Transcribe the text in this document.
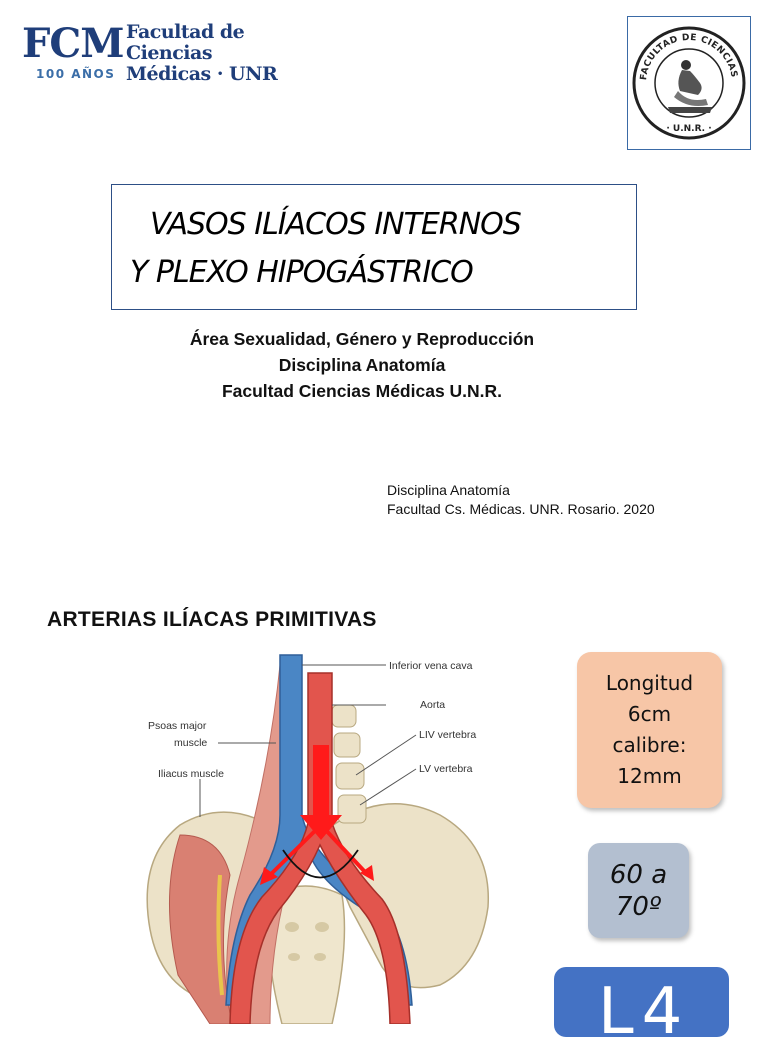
FCM Facultad de Ciencias
Médicas · UNR
100 AÑOS	FACULTAD DE CIENCIAS
· U.N.R. ·
VASOS ILÍACOS INTERNOS
Y PLEXO HIPOGÁSTRICO
Área Sexualidad, Género y Reproducción
Disciplina Anatomía
Facultad Ciencias Médicas U.N.R.
Disciplina Anatomía
Facultad Cs. Médicas. UNR. Rosario. 2020
ARTERIAS ILÍACAS PRIMITIVAS
Inferior vena cava
Aorta
LIV vertebra
LV vertebra
Psoas major
muscle
Iliacus muscle
Longitud
6cm
calibre:
12mm
60 a
70º
L4
